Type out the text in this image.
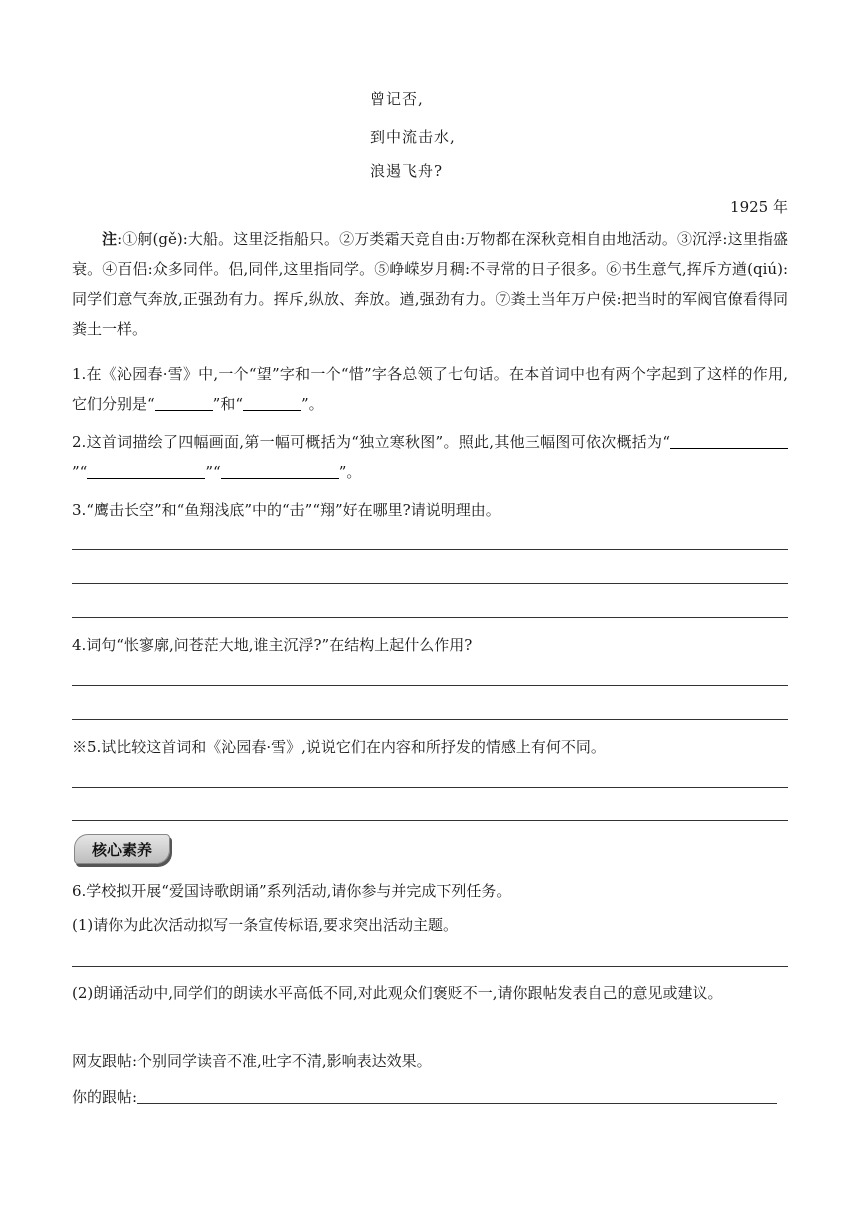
曾记否,
到中流击水,
浪遏飞舟?
1925 年
注:①舸(gě):大船。这里泛指船只。②万类霜天竞自由:万物都在深秋竞相自由地活动。③沉浮:这里指盛衰。④百侣:众多同伴。侣,同伴,这里指同学。⑤峥嵘岁月稠:不寻常的日子很多。⑥书生意气,挥斥方遒(qiú):同学们意气奔放,正强劲有力。挥斥,纵放、奔放。遒,强劲有力。⑦粪土当年万户侯:把当时的军阀官僚看得同粪土一样。
1.在《沁园春·雪》中,一个“望”字和一个“惜”字各总领了七句话。在本首词中也有两个字起到了这样的作用,它们分别是“	”和“	”。
2.这首词描绘了四幅画面,第一幅可概括为“独立寒秋图”。照此,其他三幅图可依次概括为“”“	”“	”。
3.“鹰击长空”和“鱼翔浅底”中的“击”“翔”好在哪里?请说明理由。
4.词句“怅寥廓,问苍茫大地,谁主沉浮?”在结构上起什么作用?
※5.试比较这首词和《沁园春·雪》,说说它们在内容和所抒发的情感上有何不同。
核心素养
6.学校拟开展“爱国诗歌朗诵”系列活动,请你参与并完成下列任务。
(1)请你为此次活动拟写一条宣传标语,要求突出活动主题。
(2)朗诵活动中,同学们的朗读水平高低不同,对此观众们褒贬不一,请你跟帖发表自己的意见或建议。
网友跟帖:个别同学读音不准,吐字不清,影响表达效果。
你的跟帖:
